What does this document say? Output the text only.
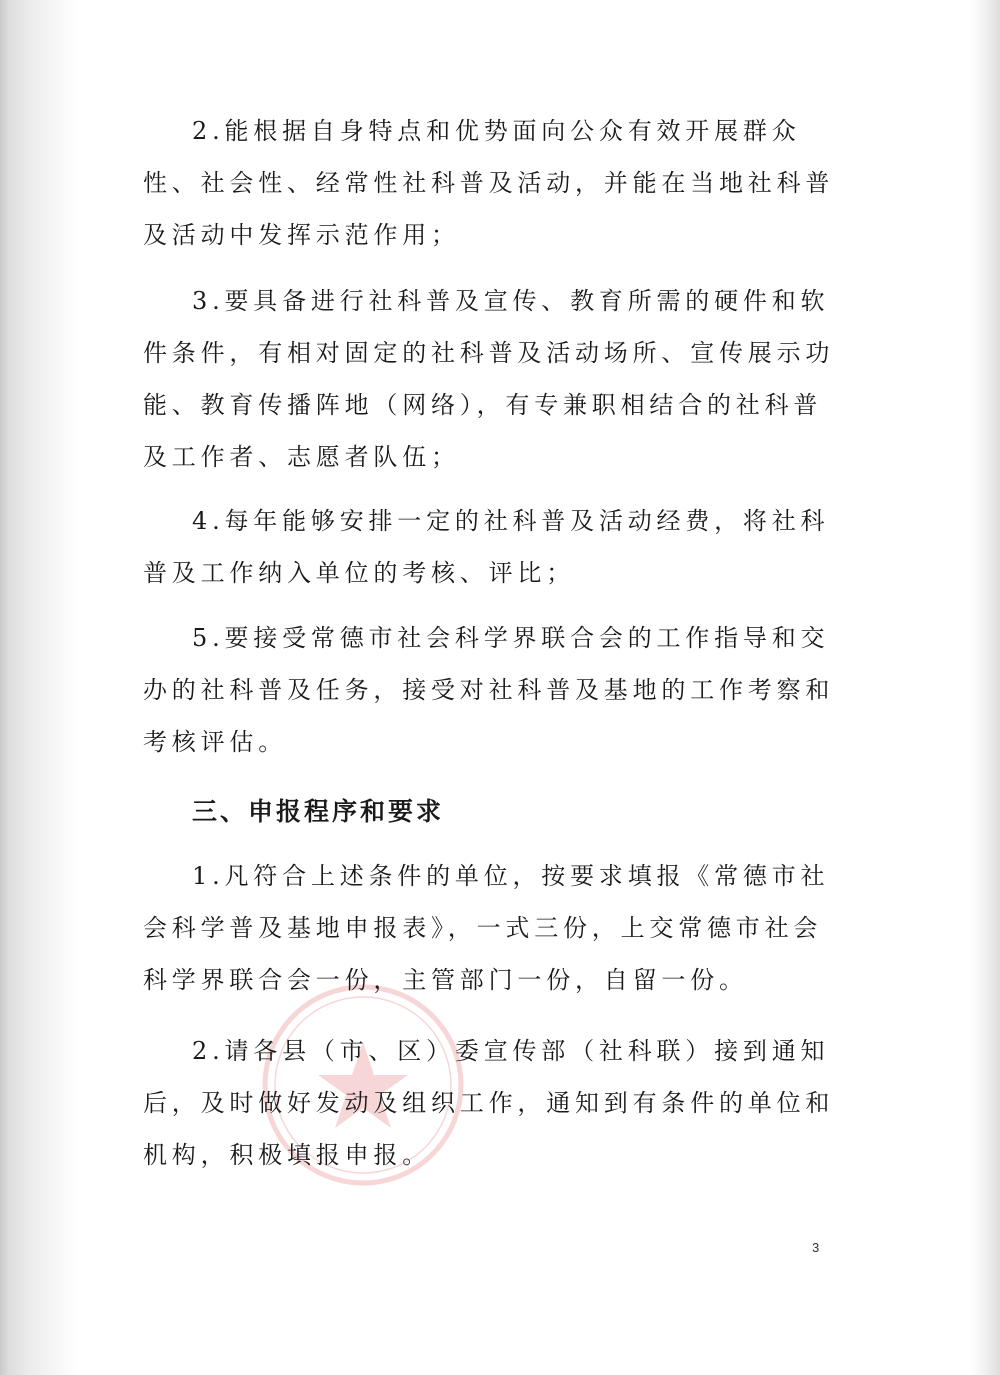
2.能根据自身特点和优势面向公众有效开展群众性、社会性、经常性社科普及活动，并能在当地社科普及活动中发挥示范作用；

3.要具备进行社科普及宣传、教育所需的硬件和软件条件，有相对固定的社科普及活动场所、宣传展示功能、教育传播阵地（网络），有专兼职相结合的社科普及工作者、志愿者队伍；

4.每年能够安排一定的社科普及活动经费，将社科普及工作纳入单位的考核、评比；

5.要接受常德市社会科学界联合会的工作指导和交办的社科普及任务，接受对社科普及基地的工作考察和考核评估。

三、申报程序和要求

1.凡符合上述条件的单位，按要求填报《常德市社会科学普及基地申报表》，一式三份，上交常德市社会科学界联合会一份，主管部门一份，自留一份。

2.请各县（市、区）委宣传部（社科联）接到通知后，及时做好发动及组织工作，通知到有条件的单位和机构，积极填报申报。

3
